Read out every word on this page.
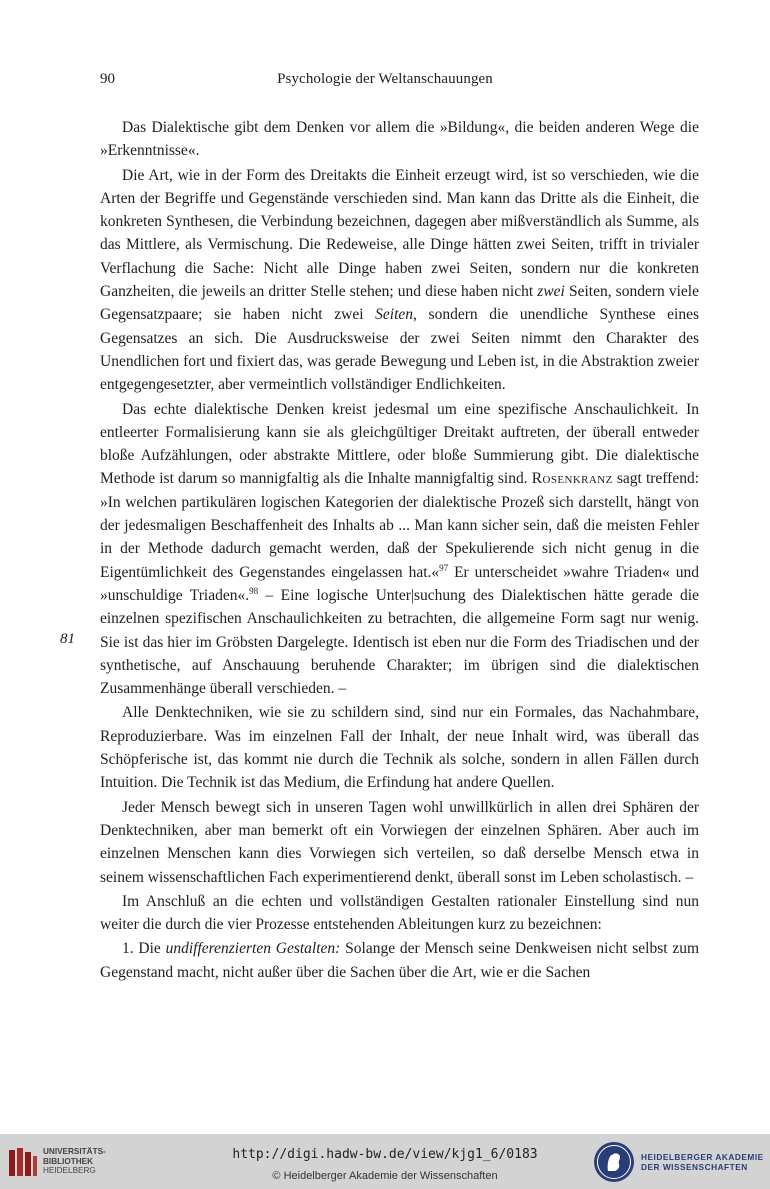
90	Psychologie der Weltanschauungen
81

Das Dialektische gibt dem Denken vor allem die »Bildung«, die beiden anderen Wege die »Erkenntnisse«.

Die Art, wie in der Form des Dreitakts die Einheit erzeugt wird, ist so verschieden, wie die Arten der Begriffe und Gegenstände verschieden sind. Man kann das Dritte als die Einheit, die konkreten Synthesen, die Verbindung bezeichnen, dagegen aber mißverständlich als Summe, als das Mittlere, als Vermischung. Die Redeweise, alle Dinge hätten zwei Seiten, trifft in trivialer Verflachung die Sache: Nicht alle Dinge haben zwei Seiten, sondern nur die konkreten Ganzheiten, die jeweils an dritter Stelle stehen; und diese haben nicht zwei Seiten, sondern viele Gegensatzpaare; sie haben nicht zwei Seiten, sondern die unendliche Synthese eines Gegensatzes an sich. Die Ausdrucksweise der zwei Seiten nimmt den Charakter des Unendlichen fort und fixiert das, was gerade Bewegung und Leben ist, in die Abstraktion zweier entgegengesetzter, aber vermeintlich vollständiger Endlichkeiten.

Das echte dialektische Denken kreist jedesmal um eine spezifische Anschaulichkeit. In entleerter Formalisierung kann sie als gleichgültiger Dreitakt auftreten, der überall entweder bloße Aufzählungen, oder abstrakte Mittlere, oder bloße Summierung gibt. Die dialektische Methode ist darum so mannigfaltig als die Inhalte mannigfaltig sind. Rosenkranz sagt treffend: »In welchen partikulären logischen Kategorien der dialektische Prozeß sich darstellt, hängt von der jedesmaligen Beschaffenheit des Inhalts ab ... Man kann sicher sein, daß die meisten Fehler in der Methode dadurch gemacht werden, daß der Spekulierende sich nicht genug in die Eigentümlichkeit des Gegenstandes eingelassen hat.«$^{97}$ Er unterscheidet »wahre Triaden« und »unschuldige Triaden«.$^{98}$ – Eine logische Unter|suchung des Dialektischen hätte gerade die einzelnen spezifischen Anschaulichkeiten zu betrachten, die allgemeine Form sagt nur wenig. Sie ist das hier im Gröbsten Dargelegte. Identisch ist eben nur die Form des Triadischen und der synthetische, auf Anschauung beruhende Charakter; im übrigen sind die dialektischen Zusammenhänge überall verschieden. –

Alle Denktechniken, wie sie zu schildern sind, sind nur ein Formales, das Nachahmbare, Reproduzierbare. Was im einzelnen Fall der Inhalt, der neue Inhalt wird, was überall das Schöpferische ist, das kommt nie durch die Technik als solche, sondern in allen Fällen durch Intuition. Die Technik ist das Medium, die Erfindung hat andere Quellen.

Jeder Mensch bewegt sich in unseren Tagen wohl unwillkürlich in allen drei Sphären der Denktechniken, aber man bemerkt oft ein Vorwiegen der einzelnen Sphären. Aber auch im einzelnen Menschen kann dies Vorwiegen sich verteilen, so daß derselbe Mensch etwa in seinem wissenschaftlichen Fach experimentierend denkt, überall sonst im Leben scholastisch. –

Im Anschluß an die echten und vollständigen Gestalten rationaler Einstellung sind nun weiter die durch die vier Prozesse entstehenden Ableitungen kurz zu bezeichnen:

1. Die undifferenzierten Gestalten: Solange der Mensch seine Denkweisen nicht selbst zum Gegenstand macht, nicht außer über die Sachen über die Art, wie er die Sachen

UNIVERSITÄTS-
BIBLIOTHEK
HEIDELBERG
http://digi.hadw-bw.de/view/kjg1_6/0183
© Heidelberger Akademie der Wissenschaften
HEIDELBERGER AKADEMIE
DER WISSENSCHAFTEN
